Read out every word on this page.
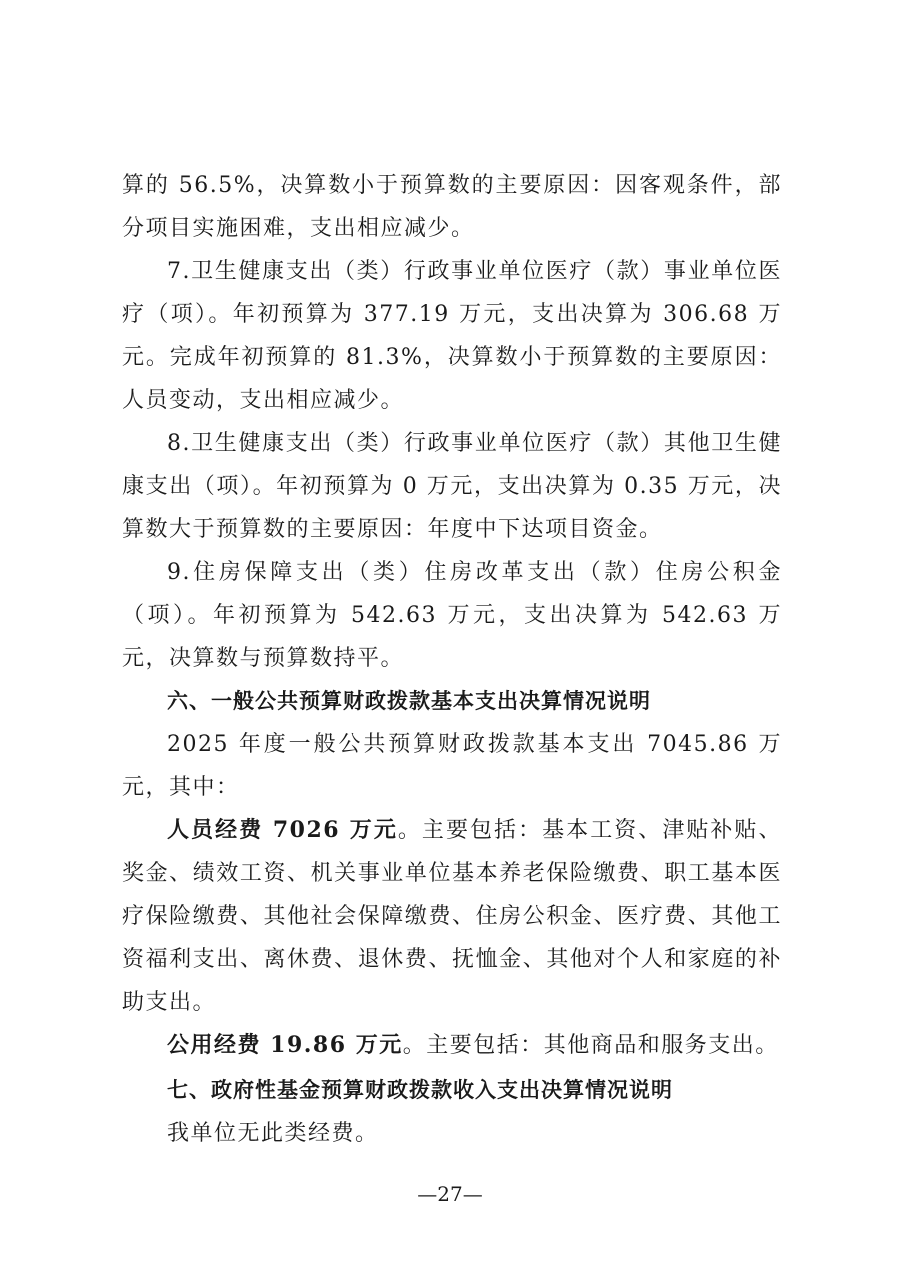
算的 56.5%，决算数小于预算数的主要原因：因客观条件，部分项目实施困难，支出相应减少。

7.卫生健康支出（类）行政事业单位医疗（款）事业单位医疗（项）。年初预算为 377.19 万元，支出决算为 306.68 万元。完成年初预算的 81.3%，决算数小于预算数的主要原因：人员变动，支出相应减少。

8.卫生健康支出（类）行政事业单位医疗（款）其他卫生健康支出（项）。年初预算为 0 万元，支出决算为 0.35 万元，决算数大于预算数的主要原因：年度中下达项目资金。

9.住房保障支出（类）住房改革支出（款）住房公积金（项）。年初预算为 542.63 万元，支出决算为 542.63 万元，决算数与预算数持平。

六、一般公共预算财政拨款基本支出决算情况说明

2025 年度一般公共预算财政拨款基本支出 7045.86 万元，其中：

人员经费 7026 万元。主要包括：基本工资、津贴补贴、奖金、绩效工资、机关事业单位基本养老保险缴费、职工基本医疗保险缴费、其他社会保障缴费、住房公积金、医疗费、其他工资福利支出、离休费、退休费、抚恤金、其他对个人和家庭的补助支出。

公用经费 19.86 万元。主要包括：其他商品和服务支出。

七、政府性基金预算财政拨款收入支出决算情况说明

我单位无此类经费。

—27—
